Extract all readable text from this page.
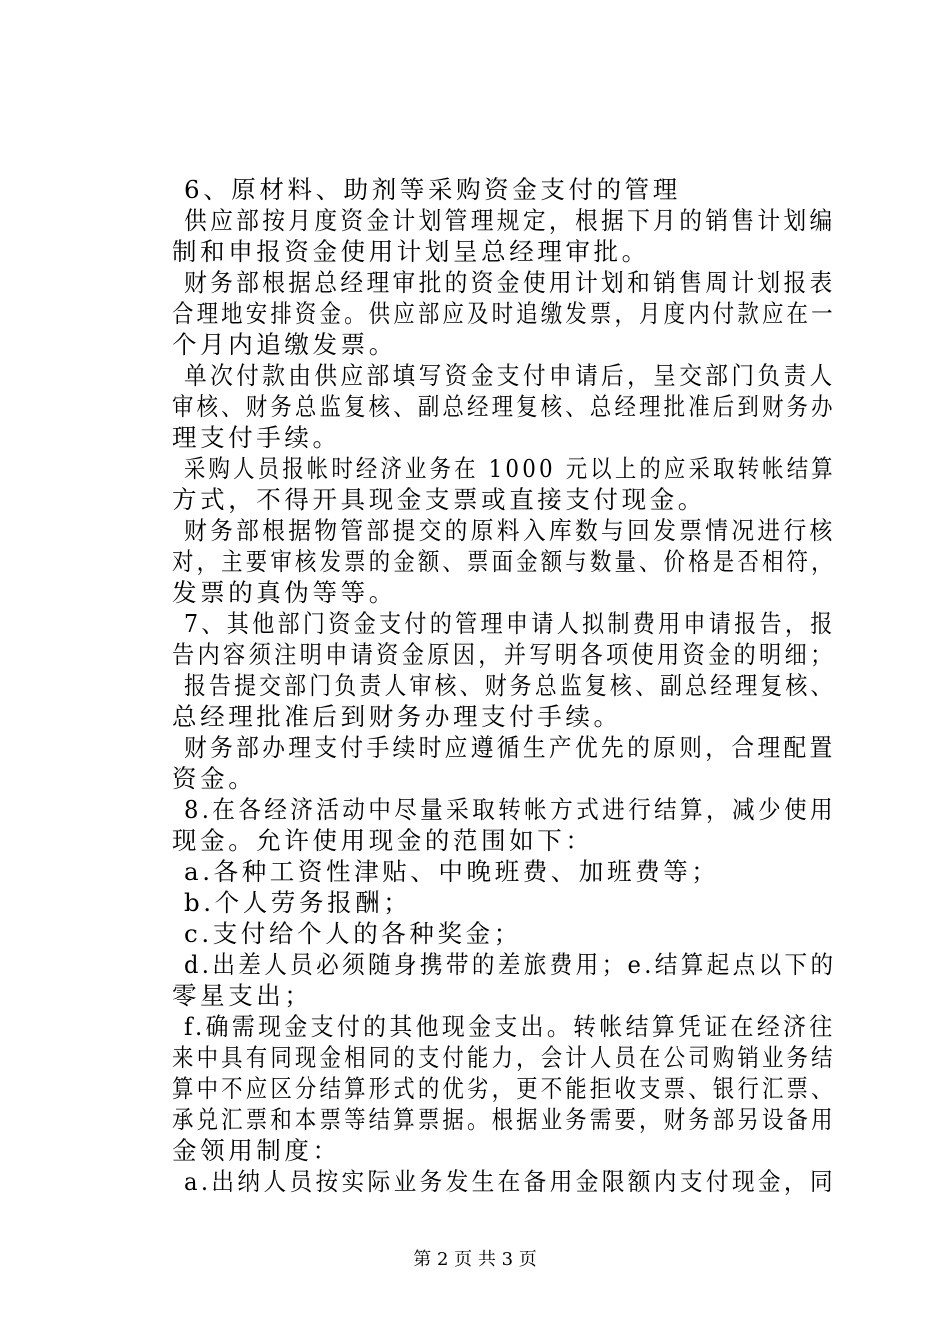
6、原材料、助剂等采购资金支付的管理
供应部按月度资金计划管理规定，根据下月的销售计划编
制和申报资金使用计划呈总经理审批。
财务部根据总经理审批的资金使用计划和销售周计划报表
合理地安排资金。供应部应及时追缴发票，月度内付款应在一
个月内追缴发票。
单次付款由供应部填写资金支付申请后，呈交部门负责人
审核、财务总监复核、副总经理复核、总经理批准后到财务办
理支付手续。
采购人员报帐时经济业务在 1000 元以上的应采取转帐结算
方式，不得开具现金支票或直接支付现金。
财务部根据物管部提交的原料入库数与回发票情况进行核
对，主要审核发票的金额、票面金额与数量、价格是否相符，
发票的真伪等等。
7、其他部门资金支付的管理申请人拟制费用申请报告，报
告内容须注明申请资金原因，并写明各项使用资金的明细；
报告提交部门负责人审核、财务总监复核、副总经理复核、
总经理批准后到财务办理支付手续。
财务部办理支付手续时应遵循生产优先的原则，合理配置
资金。
8.在各经济活动中尽量采取转帐方式进行结算，减少使用
现金。允许使用现金的范围如下：
a.各种工资性津贴、中晚班费、加班费等；
b.个人劳务报酬；
c.支付给个人的各种奖金；
d.出差人员必须随身携带的差旅费用；e.结算起点以下的
零星支出；
f.确需现金支付的其他现金支出。转帐结算凭证在经济往
来中具有同现金相同的支付能力，会计人员在公司购销业务结
算中不应区分结算形式的优劣，更不能拒收支票、银行汇票、
承兑汇票和本票等结算票据。根据业务需要，财务部另设备用
金领用制度：
a.出纳人员按实际业务发生在备用金限额内支付现金，同
第 2 页 共 3 页
